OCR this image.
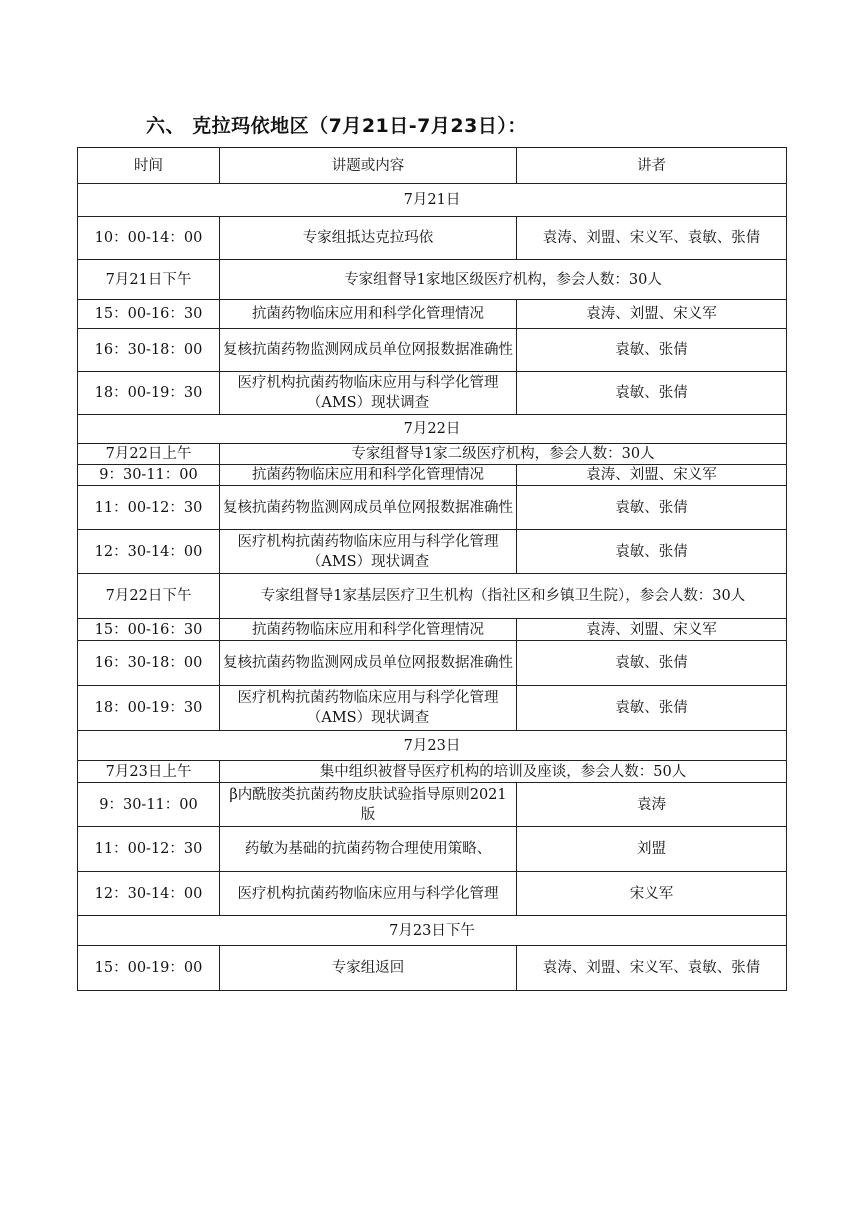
六、 克拉玛依地区（7月21日-7月23日）：
时间	讲题或内容	讲者
7月21日		
10：00-14：00	专家组抵达克拉玛依	袁涛、刘盟、宋义军、袁敏、张倩
7月21日下午	专家组督导1家地区级医疗机构，参会人数：30人	
15：00-16：30	抗菌药物临床应用和科学化管理情况	袁涛、刘盟、宋义军
16：30-18：00	复核抗菌药物监测网成员单位网报数据准确性	袁敏、张倩
18：00-19：30	医疗机构抗菌药物临床应用与科学化管理（AMS）现状调查	袁敏、张倩
7月22日		
7月22日上午	专家组督导1家二级医疗机构，参会人数：30人	
9：30-11：00	抗菌药物临床应用和科学化管理情况	袁涛、刘盟、宋义军
11：00-12：30	复核抗菌药物监测网成员单位网报数据准确性	袁敏、张倩
12：30-14：00	医疗机构抗菌药物临床应用与科学化管理（AMS）现状调查	袁敏、张倩
7月22日下午	专家组督导1家基层医疗卫生机构（指社区和乡镇卫生院），参会人数：30人	
15：00-16：30	抗菌药物临床应用和科学化管理情况	袁涛、刘盟、宋义军
16：30-18：00	复核抗菌药物监测网成员单位网报数据准确性	袁敏、张倩
18：00-19：30	医疗机构抗菌药物临床应用与科学化管理（AMS）现状调查	袁敏、张倩
7月23日		
7月23日上午	集中组织被督导医疗机构的培训及座谈，参会人数：50人	
9：30-11：00	β内酰胺类抗菌药物皮肤试验指导原则2021版	袁涛
11：00-12：30	药敏为基础的抗菌药物合理使用策略、	刘盟
12：30-14：00	医疗机构抗菌药物临床应用与科学化管理	宋义军
7月23日下午		
15：00-19：00	专家组返回	袁涛、刘盟、宋义军、袁敏、张倩
